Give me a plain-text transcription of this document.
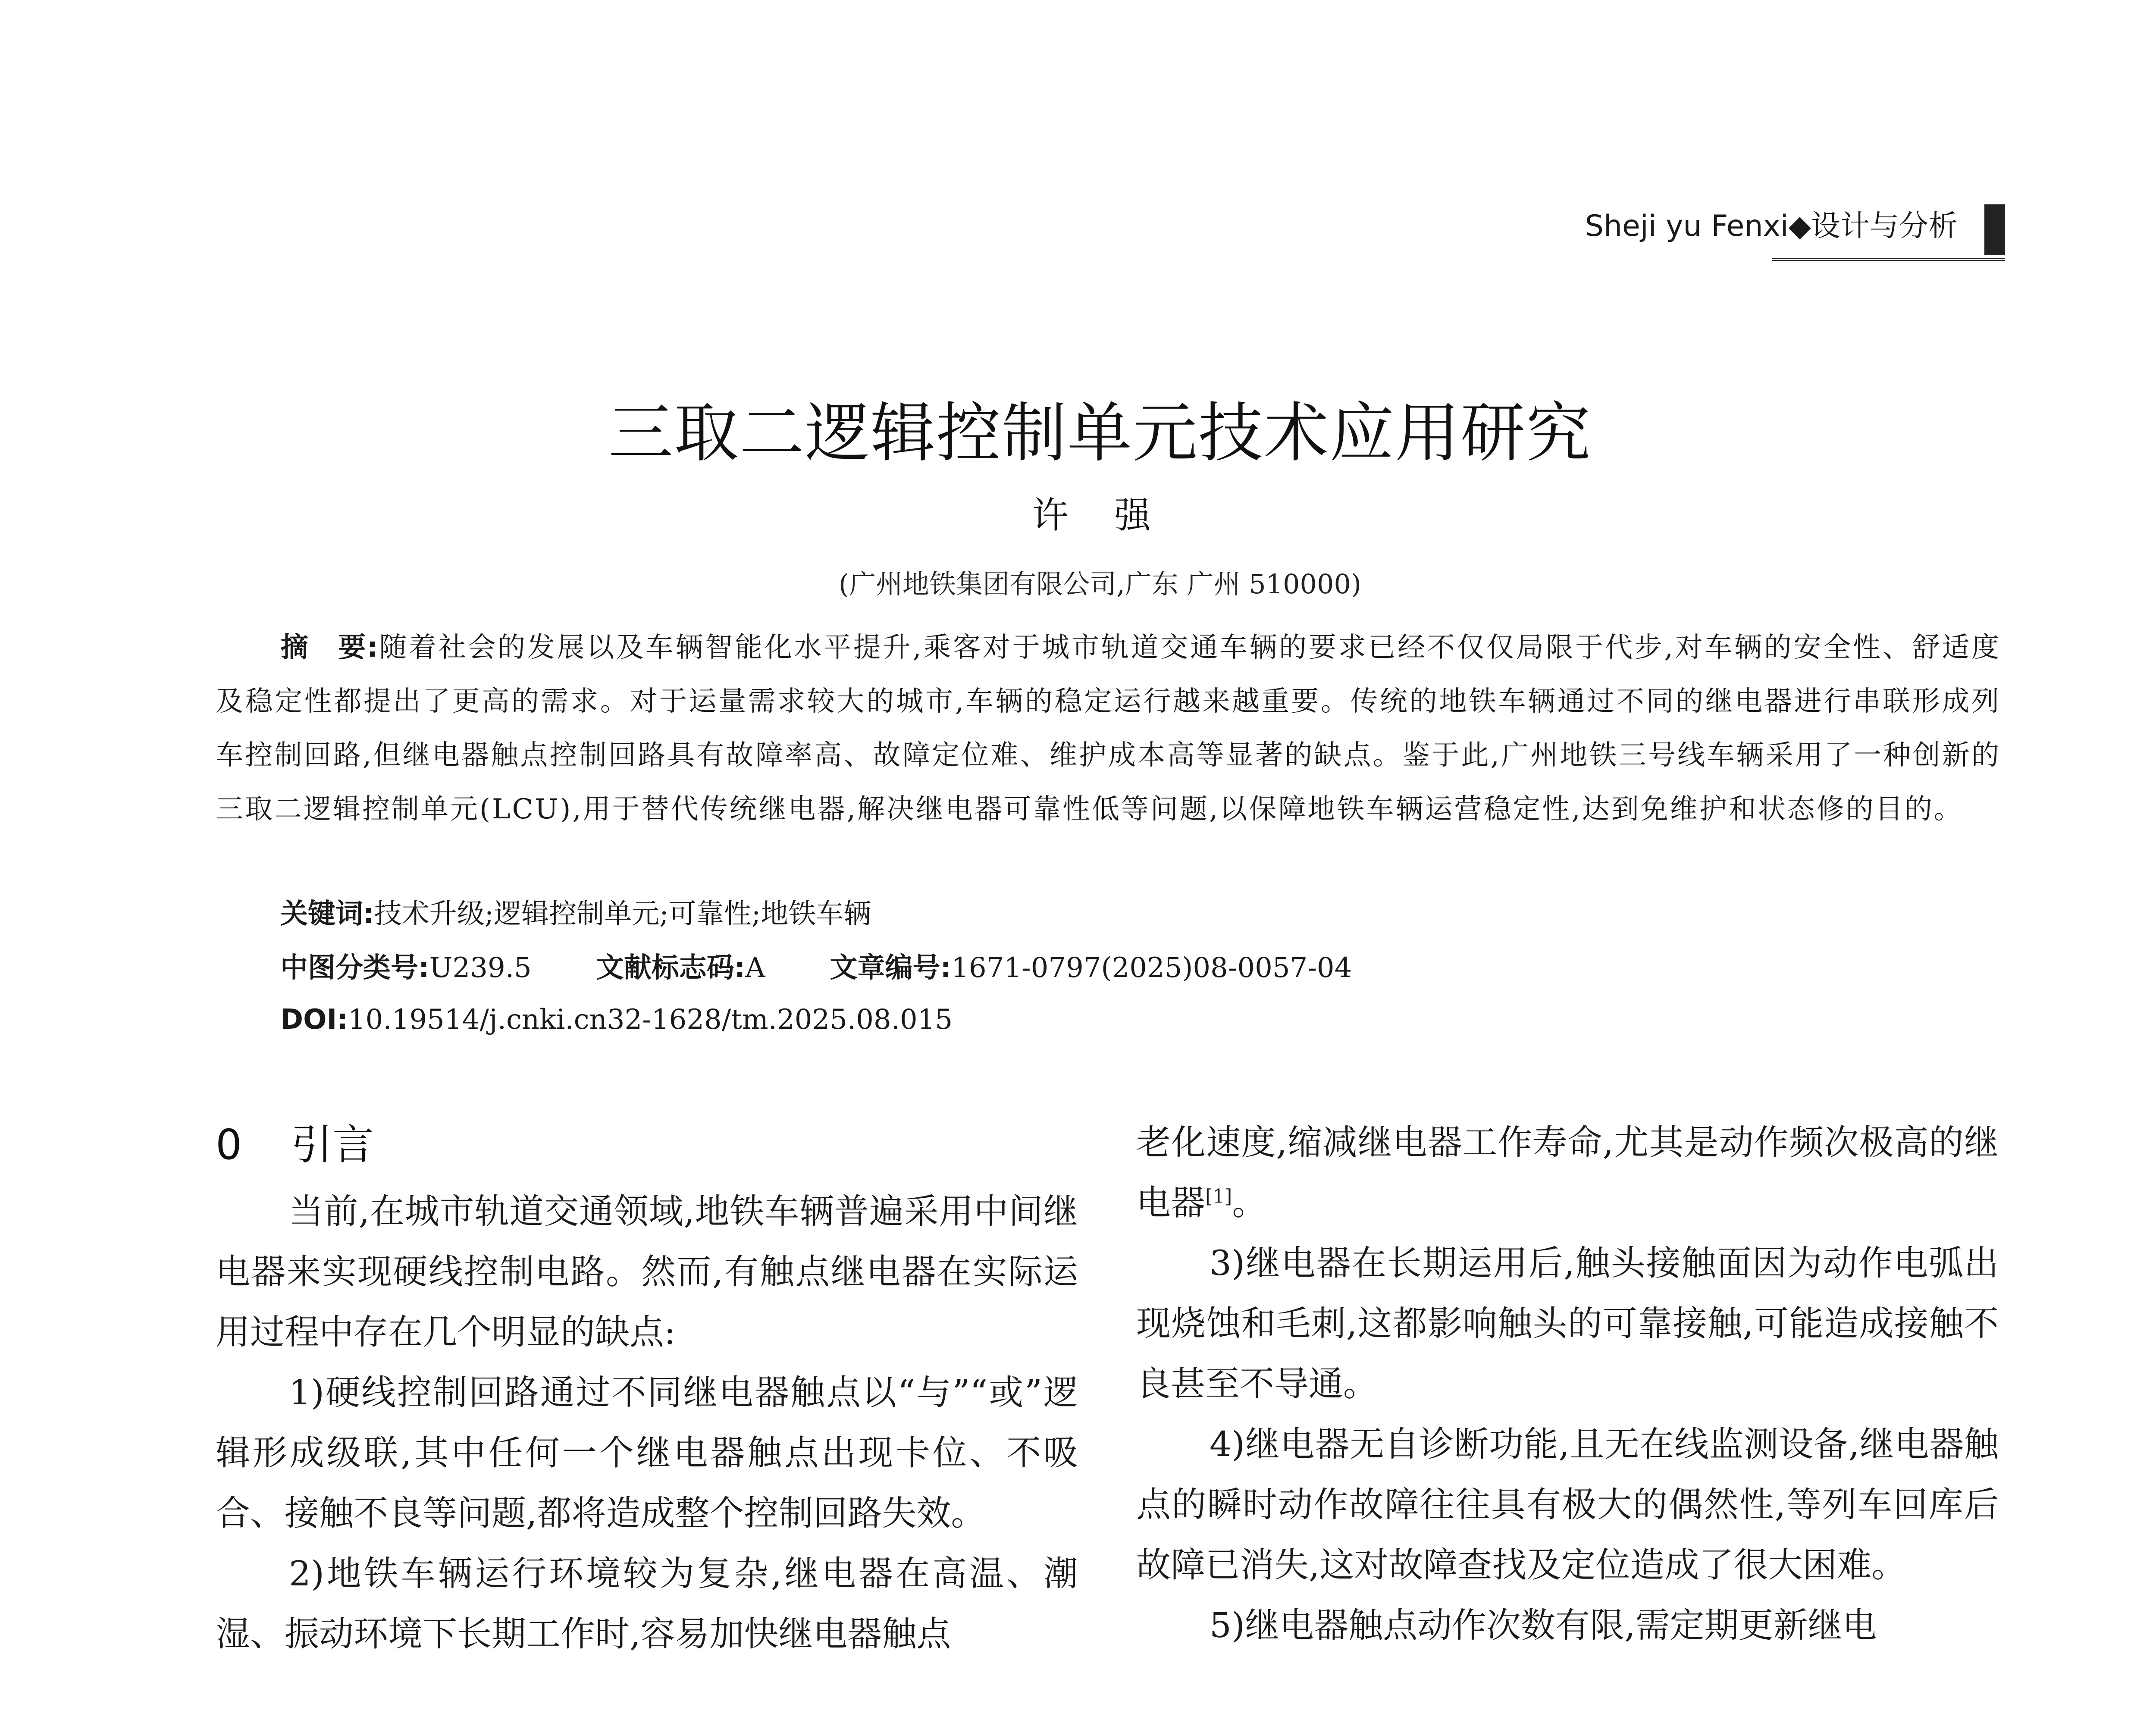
Sheji yu Fenxi◆设计与分析
三取二逻辑控制单元技术应用研究
许 强
(广州地铁集团有限公司,广东 广州 510000)

摘　要:随着社会的发展以及车辆智能化水平提升,乘客对于城市轨道交通车辆的要求已经不仅仅局限于代步,对车辆的安全性、舒适度及稳定性都提出了更高的需求。对于运量需求较大的城市,车辆的稳定运行越来越重要。传统的地铁车辆通过不同的继电器进行串联形成列车控制回路,但继电器触点控制回路具有故障率高、故障定位难、维护成本高等显著的缺点。鉴于此,广州地铁三号线车辆采用了一种创新的三取二逻辑控制单元(LCU),用于替代传统继电器,解决继电器可靠性低等问题,以保障地铁车辆运营稳定性,达到免维护和状态修的目的。

关键词:技术升级;逻辑控制单元;可靠性;地铁车辆
中图分类号:U239.5 文献标志码:A 文章编号:1671-0797(2025)08-0057-04
DOI:10.19514/j.cnki.cn32-1628/tm.2025.08.015
0 引言

当前,在城市轨道交通领域,地铁车辆普遍采用中间继电器来实现硬线控制电路。然而,有触点继电器在实际运用过程中存在几个明显的缺点:

1)硬线控制回路通过不同继电器触点以“与”“或”逻辑形成级联,其中任何一个继电器触点出现卡位、不吸合、接触不良等问题,都将造成整个控制回路失效。

2)地铁车辆运行环境较为复杂,继电器在高温、潮湿、振动环境下长期工作时,容易加快继电器触点

老化速度,缩减继电器工作寿命,尤其是动作频次极高的继电器[1]。

3)继电器在长期运用后,触头接触面因为动作电弧出现烧蚀和毛刺,这都影响触头的可靠接触,可能造成接触不良甚至不导通。

4)继电器无自诊断功能,且无在线监测设备,继电器触点的瞬时动作故障往往具有极大的偶然性,等列车回库后故障已消失,这对故障查找及定位造成了很大困难。

5)继电器触点动作次数有限,需定期更新继电
